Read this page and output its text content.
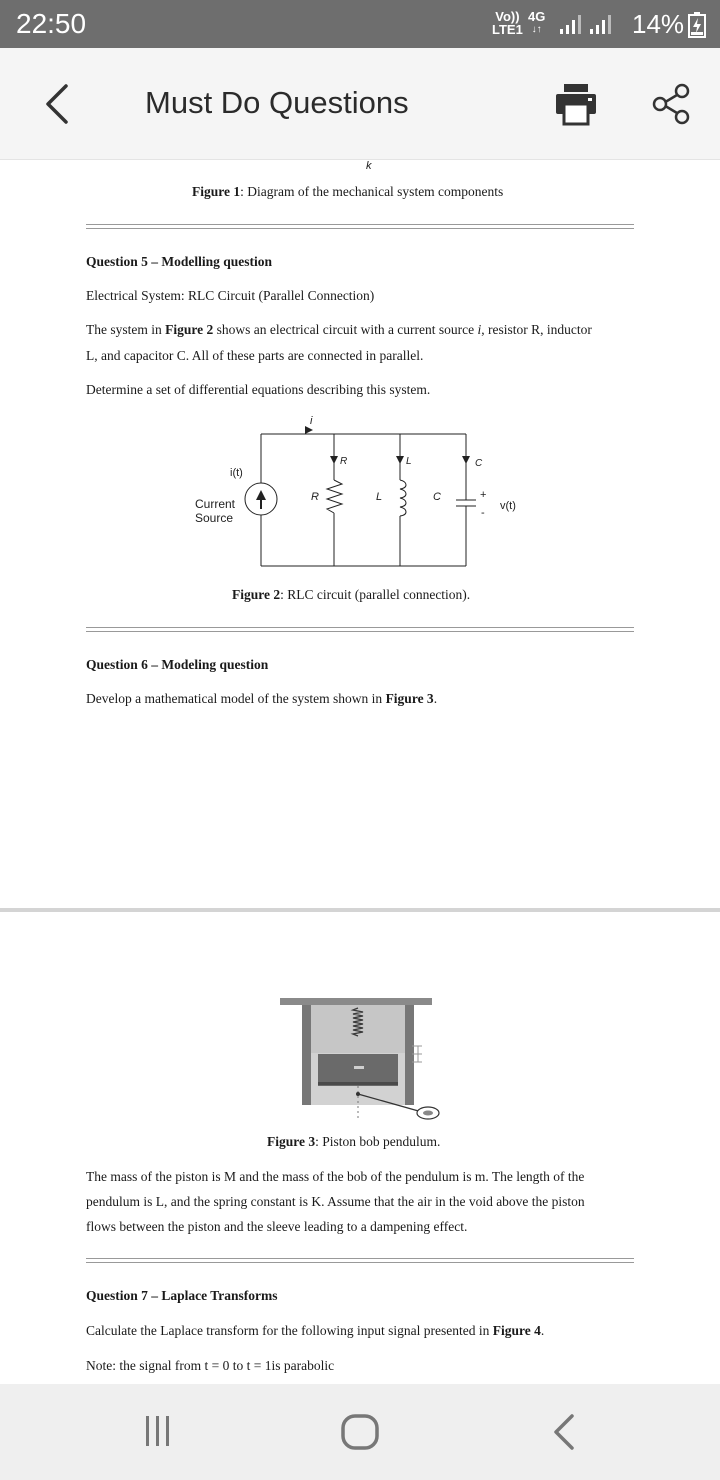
22:50	Vo))
LTE1
4G
↓↑	14%
Must Do Questions
k
Figure 1: Diagram of the mechanical system components
Question 5 – Modelling question
Electrical System: RLC Circuit (Parallel Connection)
The system in Figure 2 shows an electrical circuit with a current source i, resistor R, inductor
L, and capacitor C. All of these parts are connected in parallel.
Determine a set of differential equations describing this system.
i
i(t)
Current
Source
R	L	C
R	L	C
+
-
v(t)
Figure 2: RLC circuit (parallel connection).
Question 6 – Modeling question
Develop a mathematical model of the system shown in Figure 3.
Figure 3: Piston bob pendulum.
The mass of the piston is M and the mass of the bob of the pendulum is m. The length of the
pendulum is L, and the spring constant is K. Assume that the air in the void above the piston
flows between the piston and the sleeve leading to a dampening effect.
Question 7 – Laplace Transforms
Calculate the Laplace transform for the following input signal presented in Figure 4.
Note: the signal from t = 0 to t = 1is parabolic
